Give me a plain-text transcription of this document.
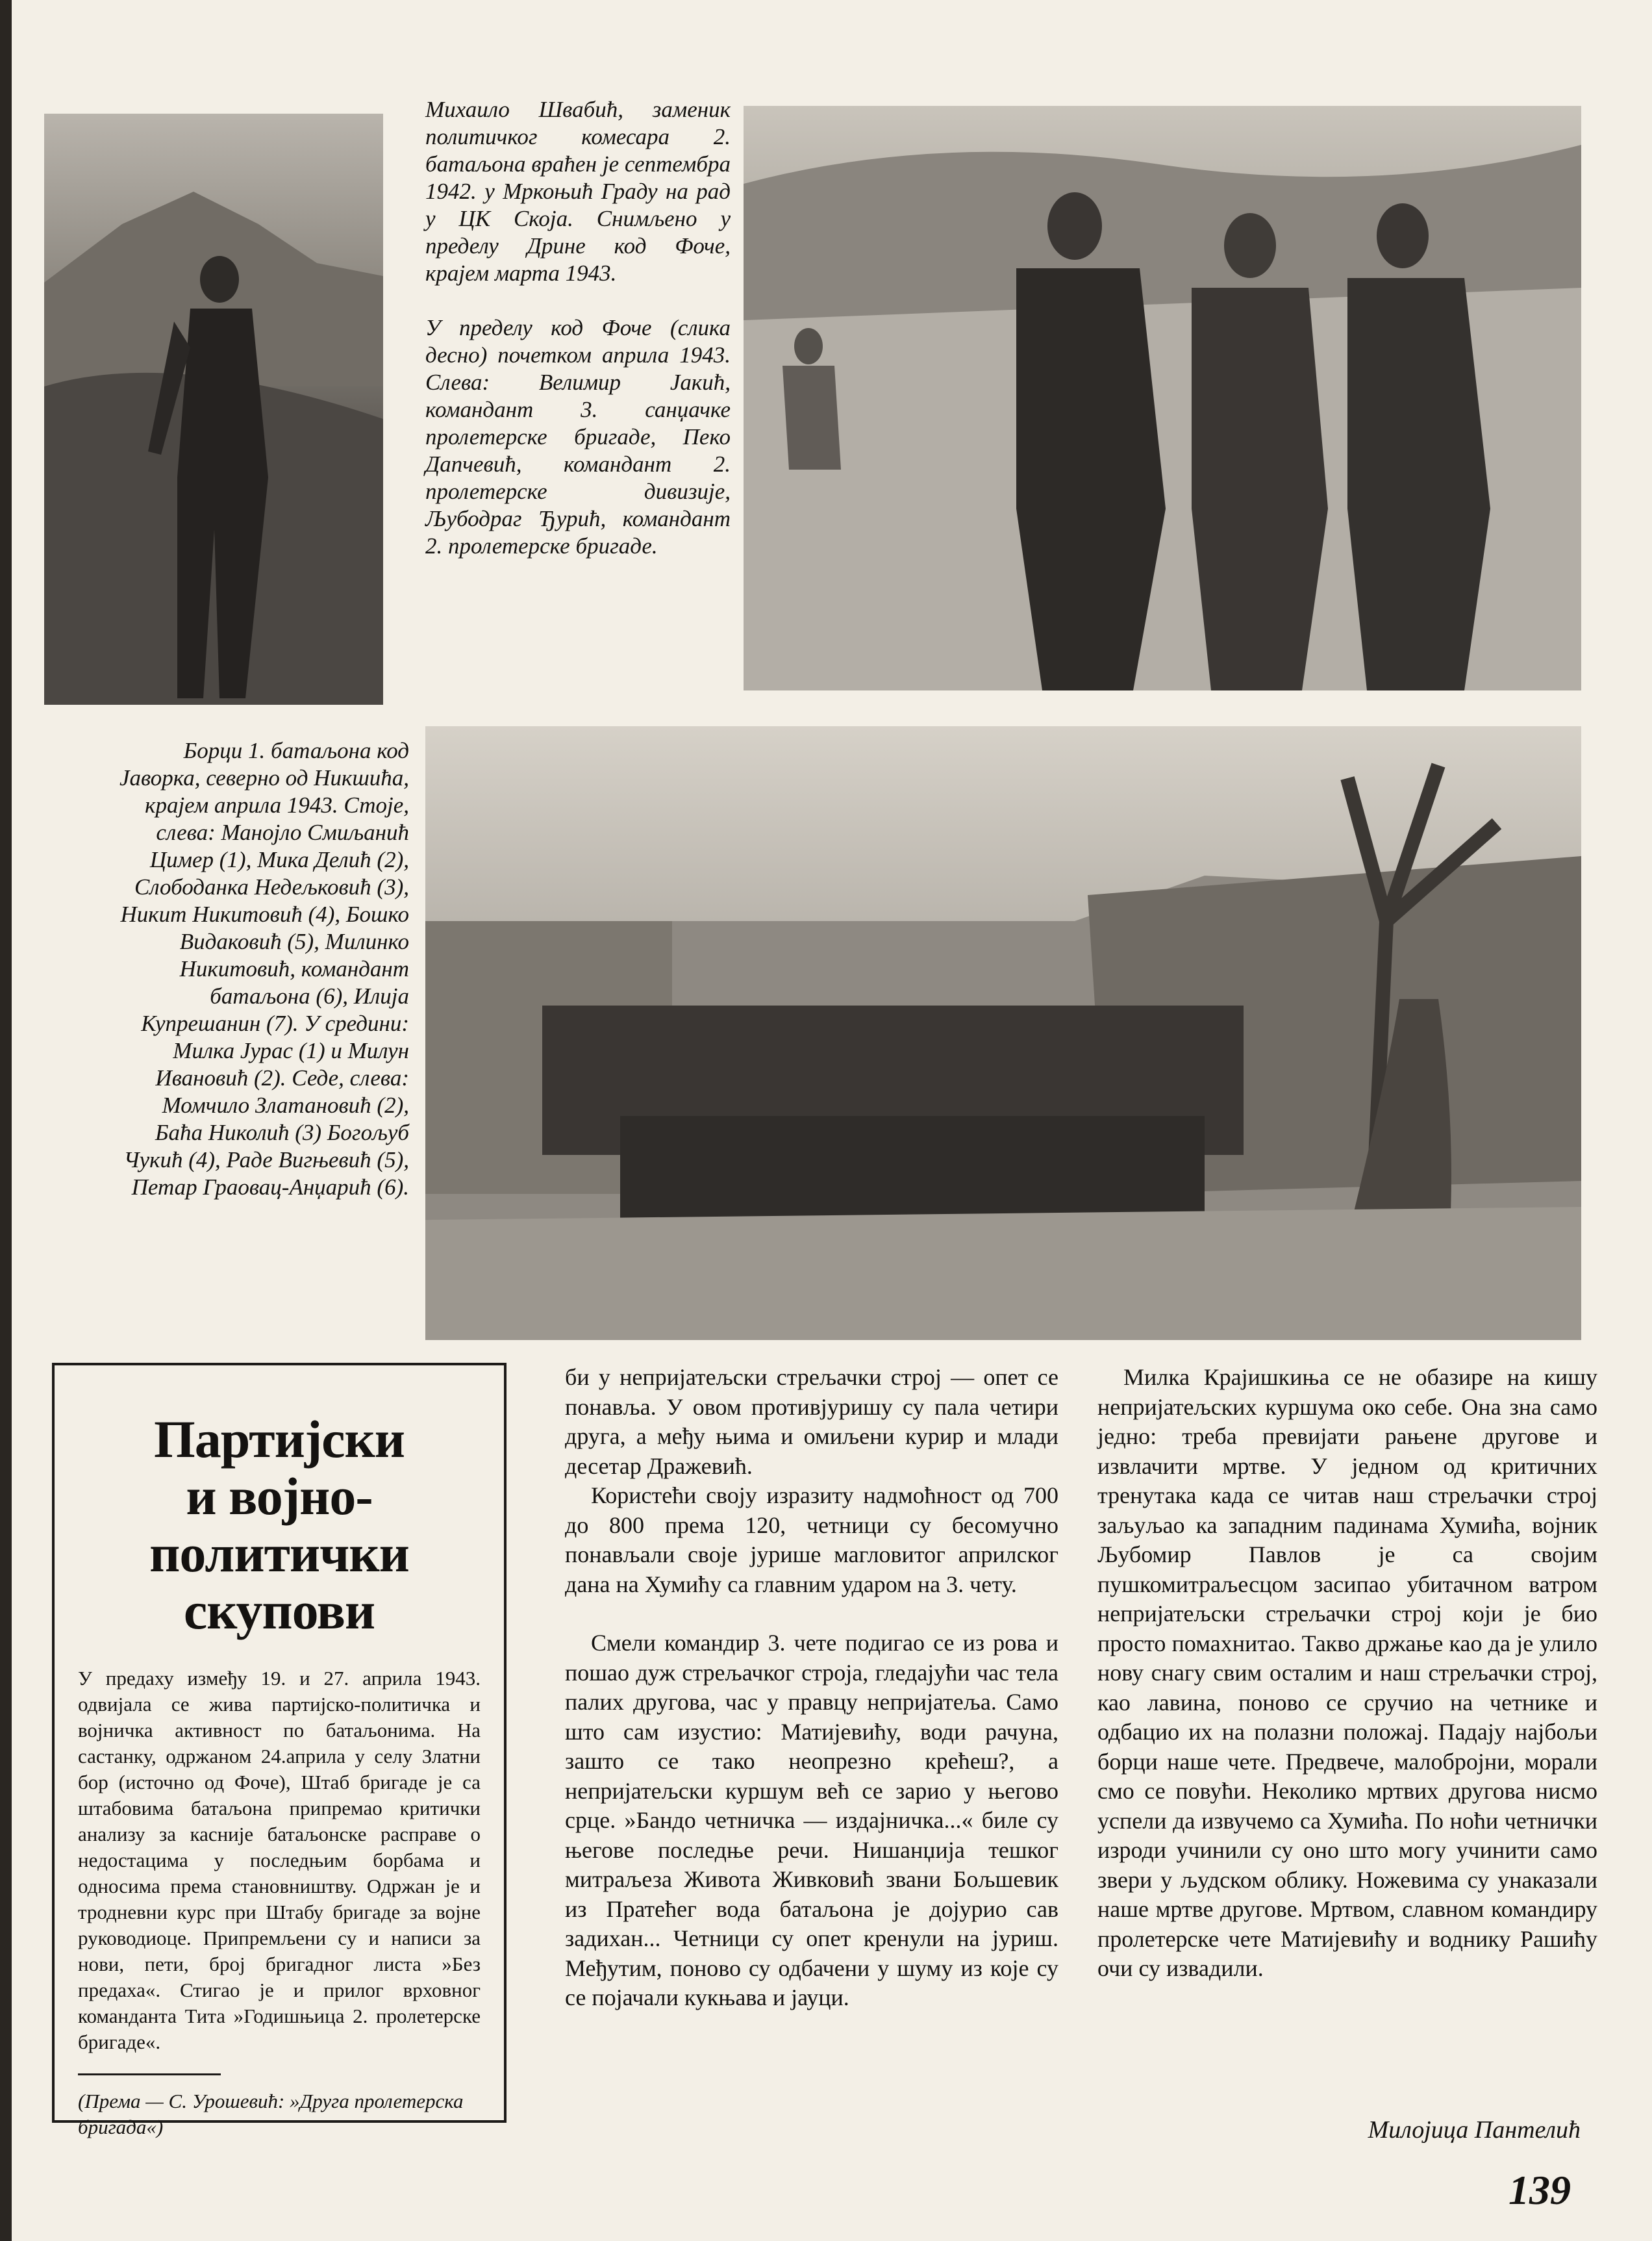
Михаило Швабић, заменик политичког комесара 2. батаљона враћен је септембра 1942. у Мркоњић Граду на рад у ЦК Скоја. Снимљено у пределу Дрине код Фоче, крајем марта 1943.

У пределу код Фоче (слика десно) почетком априла 1943. Слева: Велимир Јакић, командант 3. санџачке пролетерске бригаде, Пеко Дапчевић, командант 2. пролетерске дивизије, Љубодраг Ђурић, командант 2. пролетерске бригаде.

Борци 1. батаљона код Јаворка, северно од Никшића, крајем априла 1943. Стоје, слева: Манојло Смиљанић Цимер (1), Мика Делић (2), Слободанка Недељковић (3), Никит Никитовић (4), Бошко Видаковић (5), Милинко Никитовић, командант батаљона (6), Илија Купрешанин (7). У средини: Милка Јурас (1) и Милун Ивановић (2). Седе, слева: Момчило Златановић (2), Баћа Николић (3) Богољуб Чукић (4), Раде Вигњевић (5), Петар Граовац-Анџарић (6).

Партијски
и војно-
политички
скупови

У предаху између 19. и 27. априла 1943. одвијала се жива партијско-политичка и војничка активност по батаљонима. На састанку, одржаном 24.априла у селу Златни бор (источно од Фоче), Штаб бригаде је са штабовима батаљона припремао критички анализу за касније батаљонске расправе о недостацима у последњим борбама и односима према становништву. Одржан је и тродневни курс при Штабу бригаде за војне руководиоце. Припремљени су и написи за нови, пети, број бригадног листа »Без предаха«. Стигао је и прилог врховног команданта Тита »Годишњица 2. пролетерске бригаде«.

(Према — С. Урошевић: »Друга пролетерска бригада«)

би у непријатељски стрељачки строј — опет се понавља. У овом противјуришу су пала четири друга, а међу њима и омиљени курир и млади десетар Дражевић.

Користећи своју изразиту надмоћност од 700 до 800 према 120, четници су бесомучно понављали своје јурише магловитог априлског дана на Хумићу са главним ударом на 3. чету.

Смели командир 3. чете подигао се из рова и пошао дуж стрељачког строја, гледајући час тела палих другова, час у правцу непријатеља. Само што сам изустио: Матијевићу, води рачуна, зашто се тако неопрезно крећеш?, а непријатељски куршум већ се зарио у његово срце. »Бандо четничка — издајничка...« биле су његове последње речи. Нишанџија тешког митраљеза Живота Живковић звани Бољшевик из Пратећег вода батаљона је дојурио сав задихан... Четници су опет кренули на јуриш. Међутим, поново су одбачени у шуму из које су се појачали кукњава и јауци.

Милка Крајишкиња се не обазире на кишу непријатељских куршума око себе. Она зна само једно: треба превијати рањене другове и извлачити мртве. У једном од критичних тренутака када се читав наш стрељачки строј заљуљао ка западним падинама Хумића, војник Љубомир Павлов је са својим пушкомитраљесцом засипао убитачном ватром непријатељски стрељачки строј који је био просто помахнитао. Такво држање као да је улило нову снагу свим осталим и наш стрељачки строј, као лавина, поново се сручио на четнике и одбацио их на полазни положај. Падају најбољи борци наше чете. Предвече, малобројни, морали смо се повући. Неколико мртвих другова нисмо успели да извучемо са Хумића. По ноћи четнички изроди учинили су оно што могу учинити само звери у људском облику. Ножевима су унаказали наше мртве другове. Мртвом, славном командиру пролетерске чете Матијевићу и воднику Рашићу очи су извадили.

Милојица Пантелић
139
